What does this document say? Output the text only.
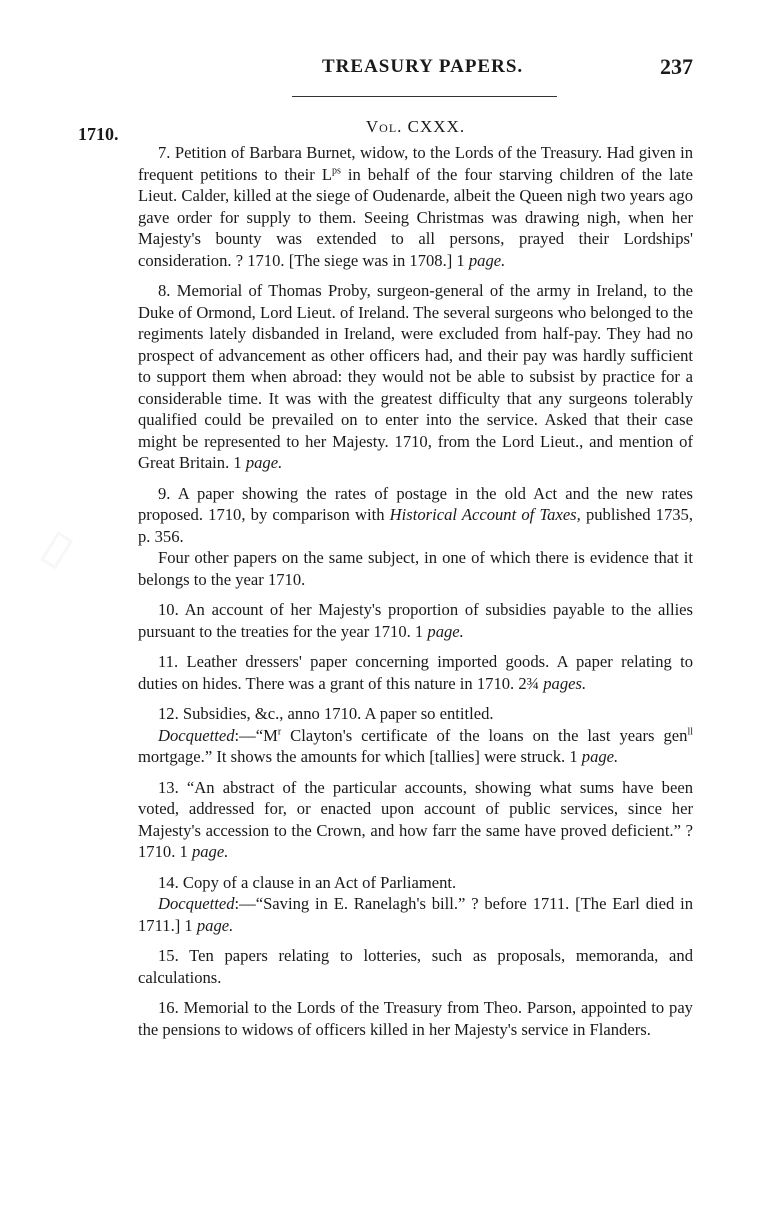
TREASURY PAPERS.	237
1710.	Vol. CXXX.

7. Petition of Barbara Burnet, widow, to the Lords of the Treasury. Had given in frequent petitions to their $L^{ps}$ in behalf of the four starving children of the late Lieut. Calder, killed at the siege of Oudenarde, albeit the Queen nigh two years ago gave order for supply to them. Seeing Christmas was drawing nigh, when her Majesty's bounty was extended to all persons, prayed their Lordships' consideration. ? 1710. [The siege was in 1708.] 1 page.

8. Memorial of Thomas Proby, surgeon-general of the army in Ireland, to the Duke of Ormond, Lord Lieut. of Ireland. The several surgeons who belonged to the regiments lately disbanded in Ireland, were excluded from half-pay. They had no prospect of advancement as other officers had, and their pay was hardly sufficient to support them when abroad: they would not be able to subsist by practice for a considerable time. It was with the greatest difficulty that any surgeons tolerably qualified could be prevailed on to enter into the service. Asked that their case might be represented to her Majesty. 1710, from the Lord Lieut., and mention of Great Britain. 1 page.

9. A paper showing the rates of postage in the old Act and the new rates proposed. 1710, by comparison with Historical Account of Taxes, published 1735, p. 356.

Four other papers on the same subject, in one of which there is evidence that it belongs to the year 1710.

10. An account of her Majesty's proportion of subsidies payable to the allies pursuant to the treaties for the year 1710. 1 page.

11. Leather dressers' paper concerning imported goods. A paper relating to duties on hides. There was a grant of this nature in 1710. 2¾ pages.

12. Subsidies, &c., anno 1710. A paper so entitled.

$Docquetted:—“M^r$ Clayton's certificate of the loans on the last years gen$^{ll}$ mortgage.” It shows the amounts for which [tallies] were struck. 1 page.

13. “An abstract of the particular accounts, showing what sums have been voted, addressed for, or enacted upon account of public services, since her Majesty's accession to the Crown, and how farr the same have proved deficient.” ? 1710. 1 page.

14. Copy of a clause in an Act of Parliament.

Docquetted:—“Saving in E. Ranelagh's bill.” ? before 1711. [The Earl died in 1711.] 1 page.

15. Ten papers relating to lotteries, such as proposals, memoranda, and calculations.

16. Memorial to the Lords of the Treasury from Theo. Parson, appointed to pay the pensions to widows of officers killed in her Majesty's service in Flanders.
